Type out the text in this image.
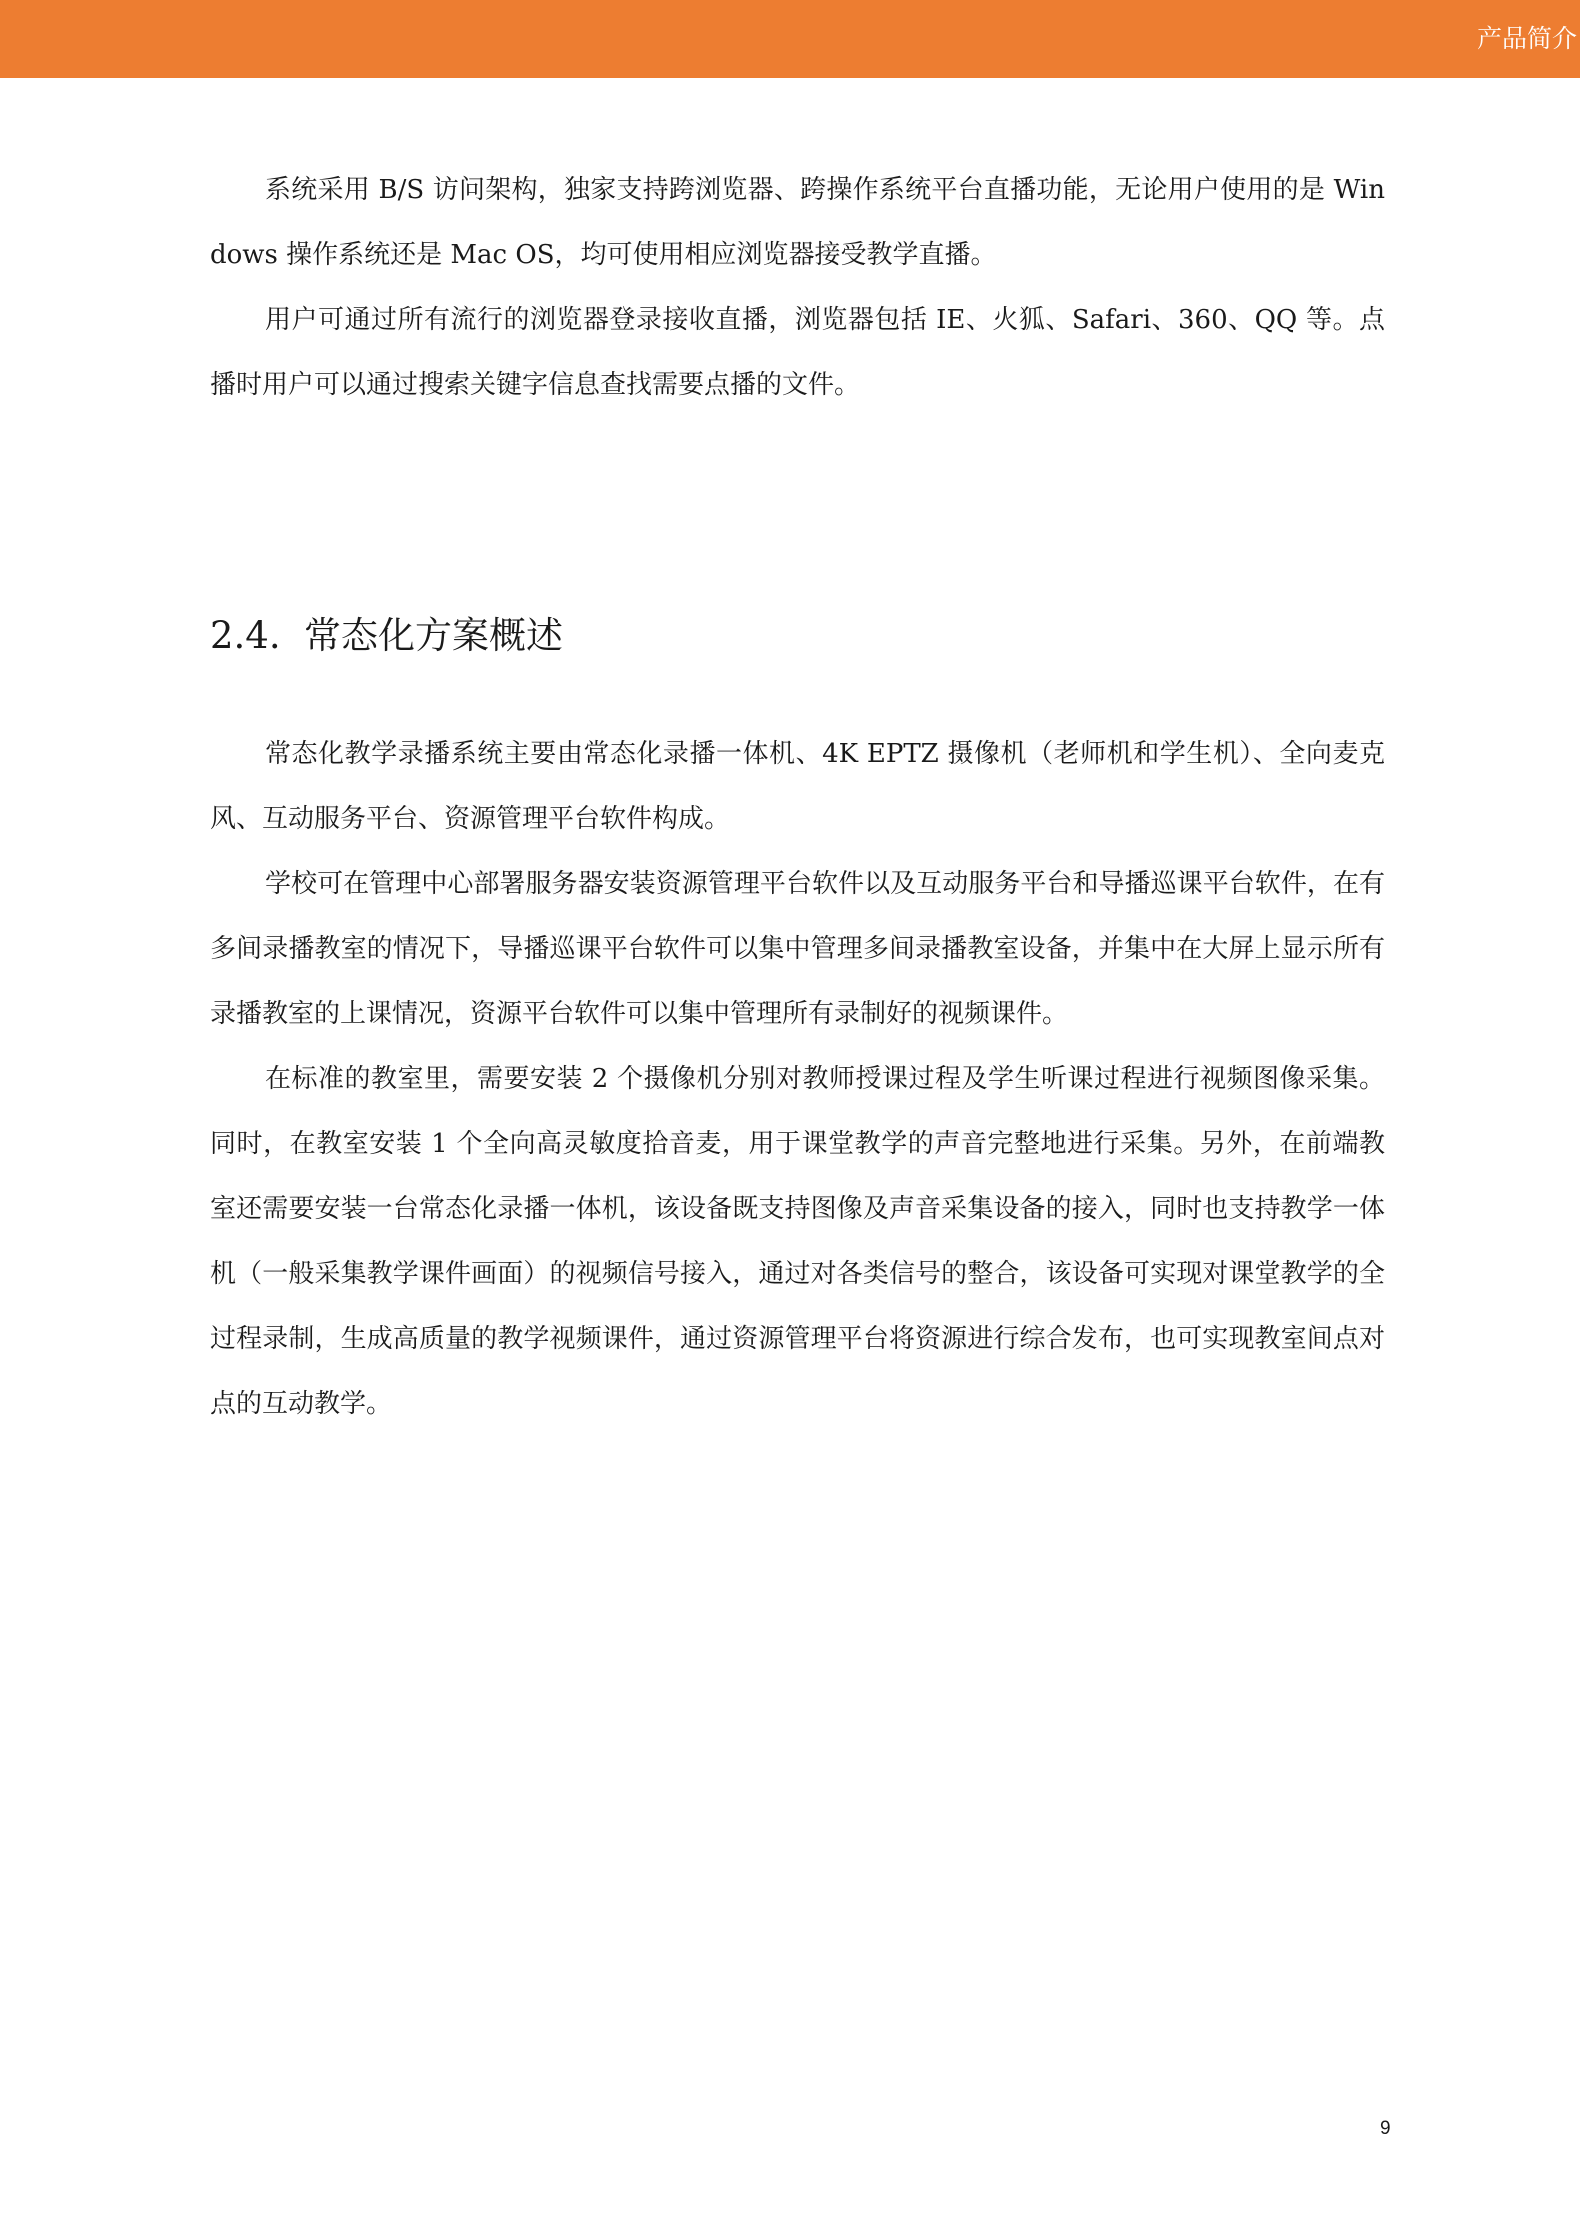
产品简介

系统采用 B/S 访问架构，独家支持跨浏览器、跨操作系统平台直播功能，无论用户使用的是 Windows 操作系统还是 Mac OS，均可使用相应浏览器接受教学直播。

用户可通过所有流行的浏览器登录接收直播，浏览器包括 IE、火狐、Safari、360、QQ 等。点播时用户可以通过搜索关键字信息查找需要点播的文件。

2.4. 常态化方案概述

常态化教学录播系统主要由常态化录播一体机、4K EPTZ 摄像机（老师机和学生机）、全向麦克风、互动服务平台、资源管理平台软件构成。

学校可在管理中心部署服务器安装资源管理平台软件以及互动服务平台和导播巡课平台软件，在有多间录播教室的情况下，导播巡课平台软件可以集中管理多间录播教室设备，并集中在大屏上显示所有录播教室的上课情况，资源平台软件可以集中管理所有录制好的视频课件。

在标准的教室里，需要安装 2 个摄像机分别对教师授课过程及学生听课过程进行视频图像采集。同时，在教室安装 1 个全向高灵敏度拾音麦，用于课堂教学的声音完整地进行采集。另外，在前端教室还需要安装一台常态化录播一体机，该设备既支持图像及声音采集设备的接入，同时也支持教学一体机（一般采集教学课件画面）的视频信号接入，通过对各类信号的整合，该设备可实现对课堂教学的全过程录制，生成高质量的教学视频课件，通过资源管理平台将资源进行综合发布，也可实现教室间点对点的互动教学。

9
